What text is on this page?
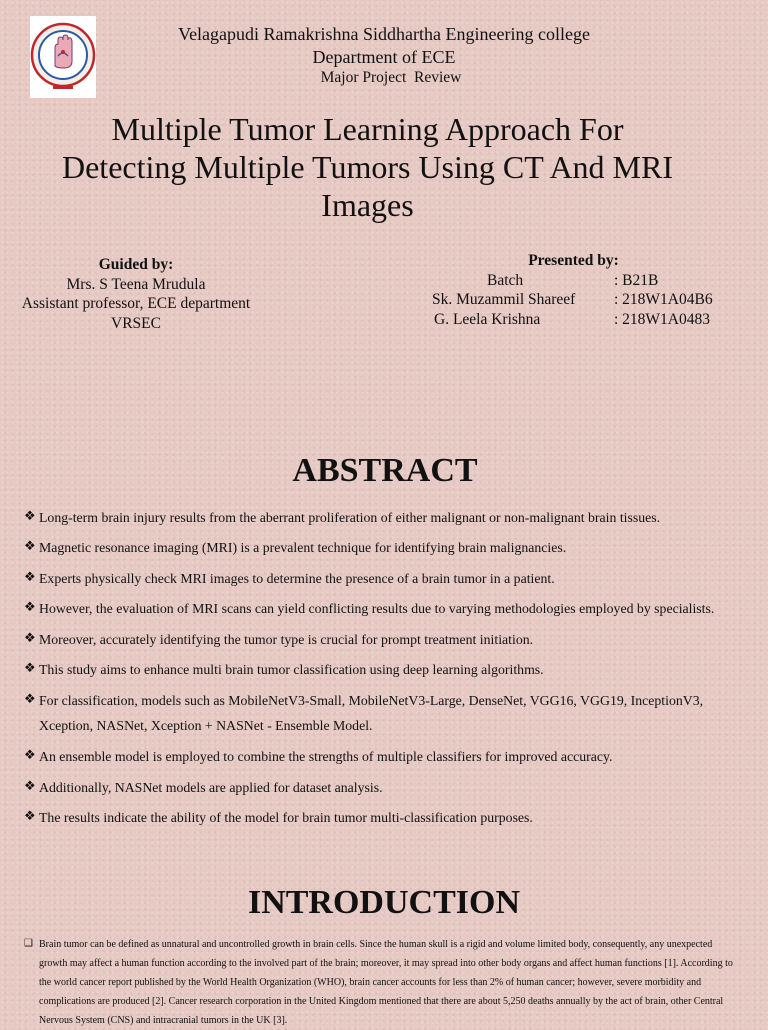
Velagapudi Ramakrishna Siddhartha Engineering college
Department of ECE
Major Project  Review
Multiple Tumor Learning Approach For Detecting Multiple Tumors Using CT And MRI Images
Guided by:
Mrs. S Teena Mrudula
Assistant professor, ECE department
VRSEC
Presented by:
Batch	: B21B
Sk. Muzammil Shareef : 218W1A04B6
G. Leela Krishna	: 218W1A0483
ABSTRACT
❖ Long-term brain injury results from the aberrant proliferation of either malignant or non-malignant brain tissues.
❖ Magnetic resonance imaging (MRI) is a prevalent technique for identifying brain malignancies.
❖ Experts physically check MRI images to determine the presence of a brain tumor in a patient.
❖ However, the evaluation of MRI scans can yield conflicting results due to varying methodologies employed by specialists.
❖ Moreover, accurately identifying the tumor type is crucial for prompt treatment initiation.
❖ This study aims to enhance multi brain tumor classification using deep learning algorithms.
❖ For classification, models such as MobileNetV3-Small, MobileNetV3-Large, DenseNet, VGG16, VGG19, InceptionV3, Xception, NASNet, Xception + NASNet - Ensemble Model.
❖ An ensemble model is employed to combine the strengths of multiple classifiers for improved accuracy.
❖ Additionally, NASNet models are applied for dataset analysis.
❖ The results indicate the ability of the model for brain tumor multi-classification purposes.
INTRODUCTION
❑ Brain tumor can be defined as unnatural and uncontrolled growth in brain cells. Since the human skull is a rigid and volume limited body, consequently, any unexpected growth may affect a human function according to the involved part of the brain; moreover, it may spread into other body organs and affect human functions [1]. According to the world cancer report published by the World Health Organization (WHO), brain cancer accounts for less than 2% of human cancer; however, severe morbidity and complications are produced [2]. Cancer research corporation in the United Kingdom mentioned that there are about 5,250 deaths annually by the act of brain, other Central Nervous System (CNS) and intracranial tumors in the UK [3].
